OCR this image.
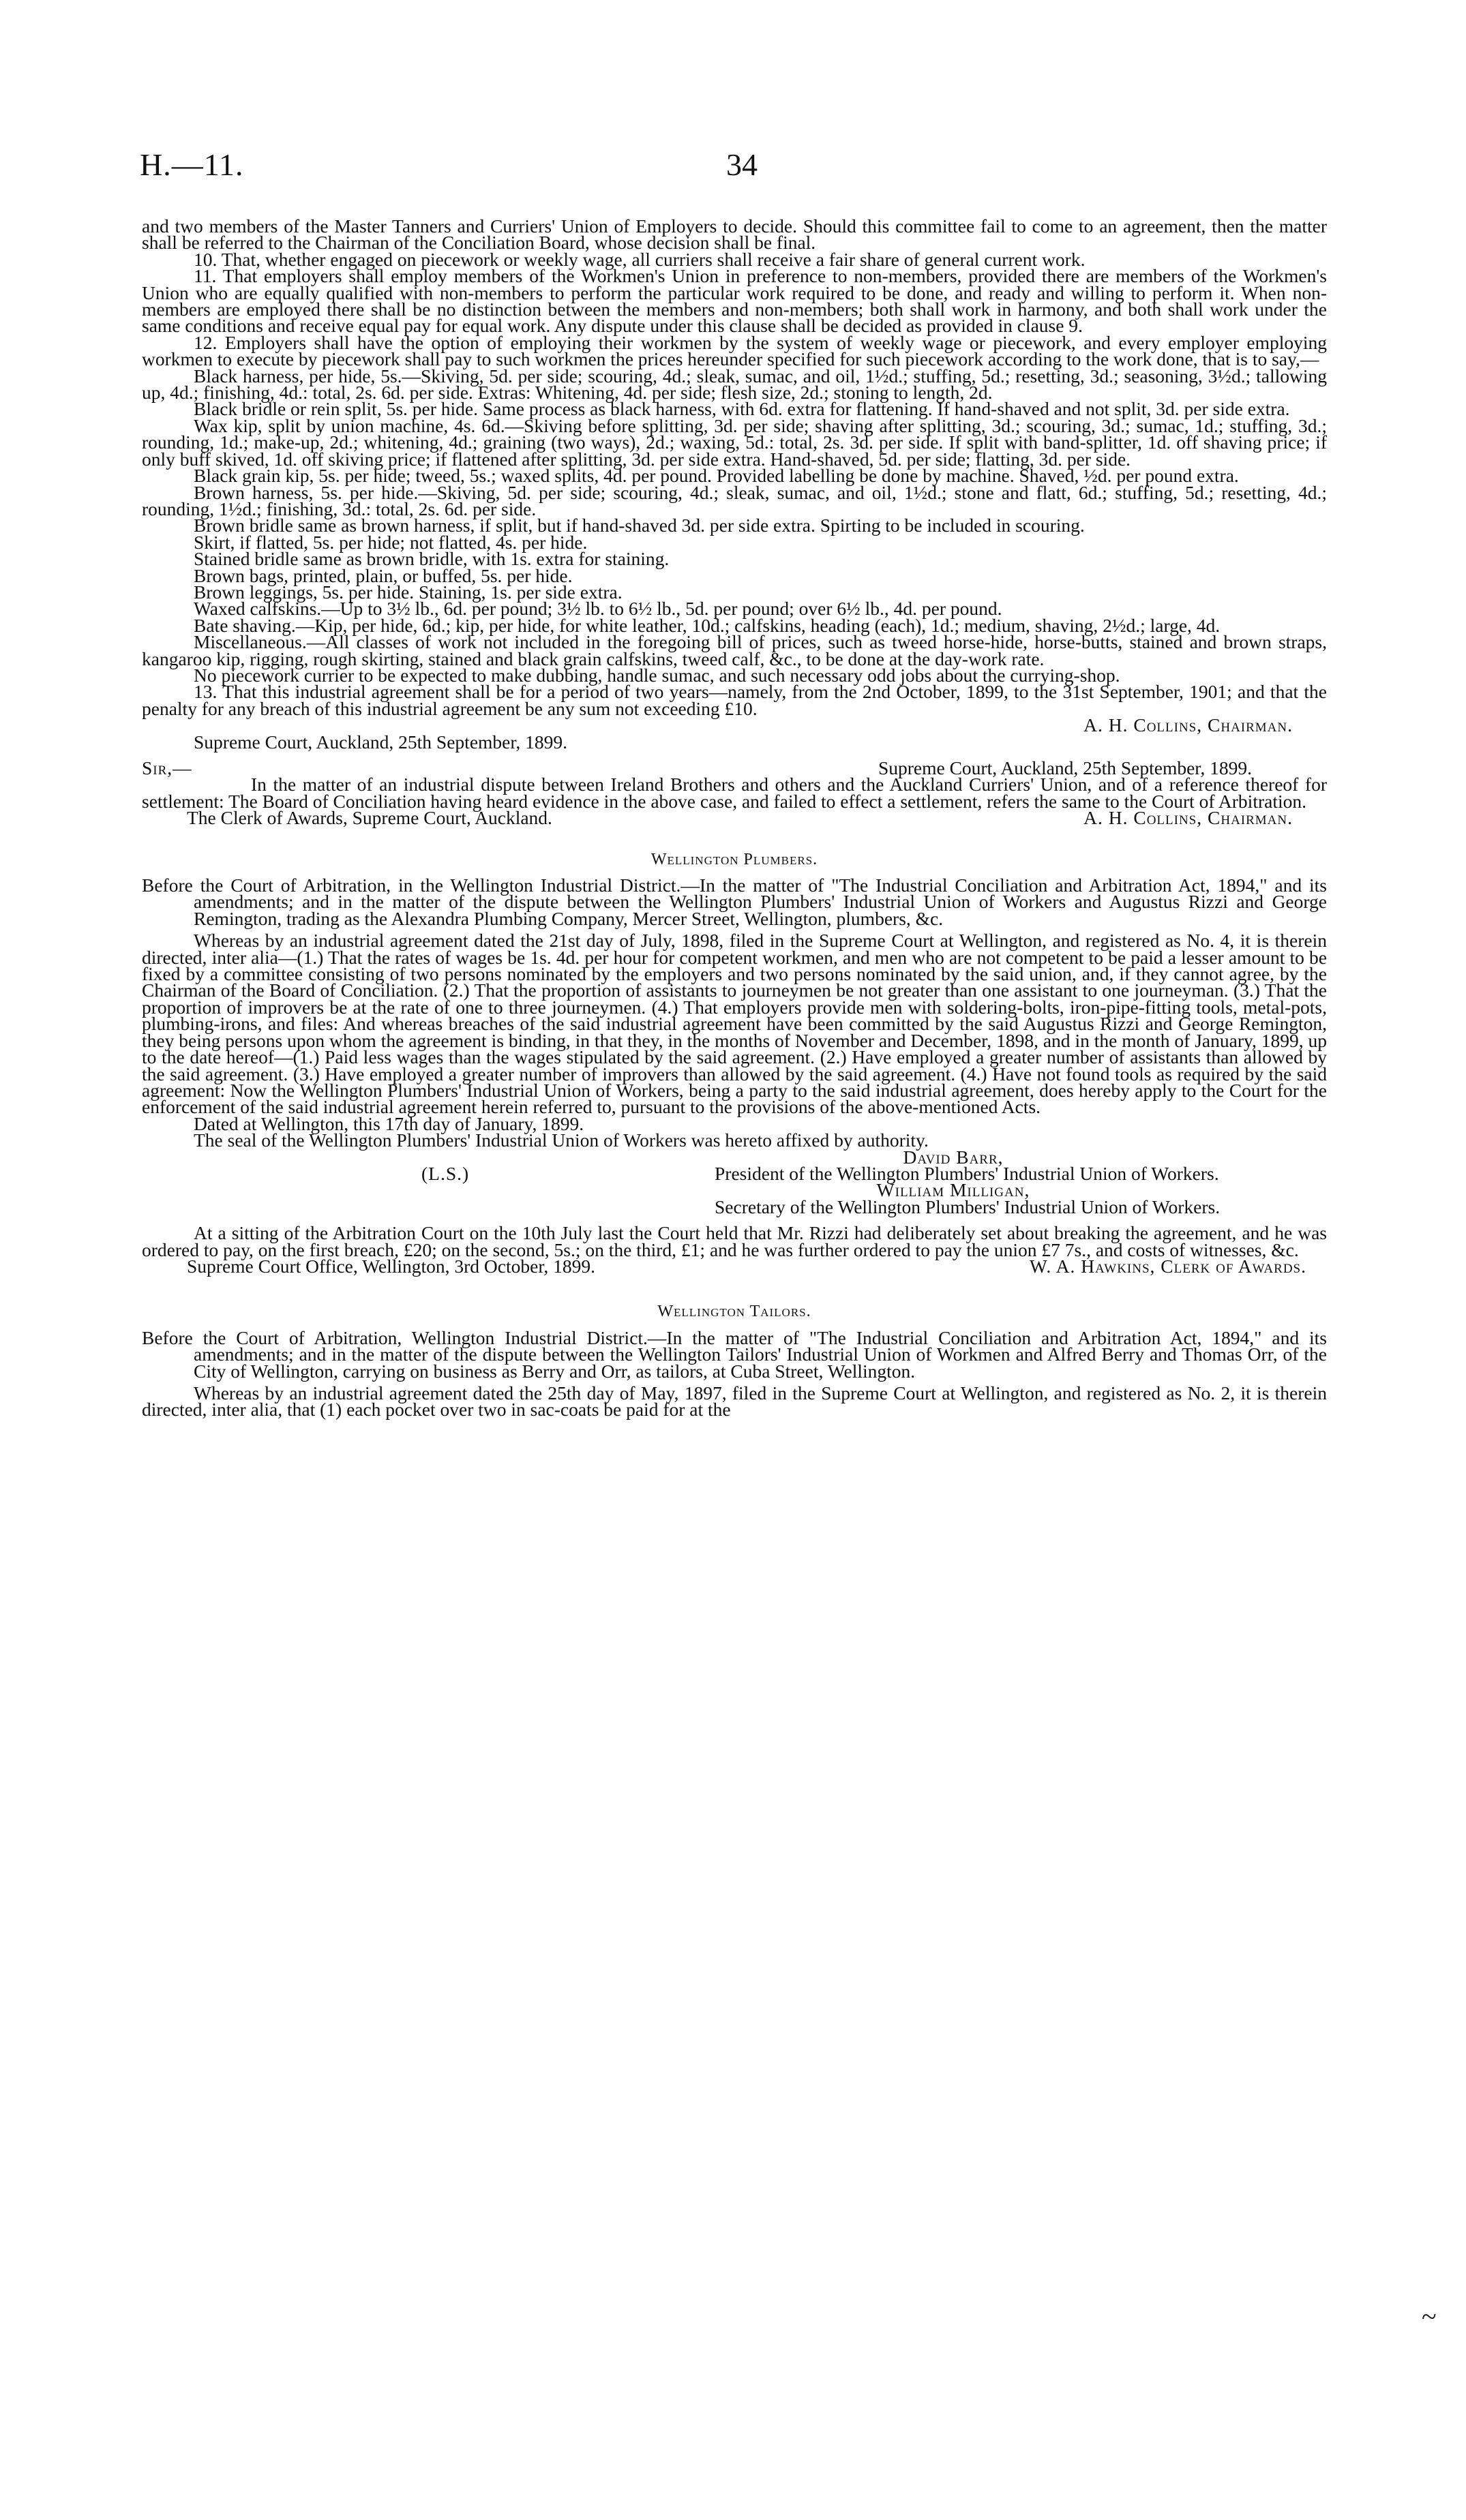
H.—11.	34

and two members of the Master Tanners and Curriers' Union of Employers to decide. Should this committee fail to come to an agreement, then the matter shall be referred to the Chairman of the Conciliation Board, whose decision shall be final.

10. That, whether engaged on piecework or weekly wage, all curriers shall receive a fair share of general current work.

11. That employers shall employ members of the Workmen's Union in preference to non-members, provided there are members of the Workmen's Union who are equally qualified with non-members to perform the particular work required to be done, and ready and willing to perform it. When non-members are employed there shall be no distinction between the members and non-members; both shall work in harmony, and both shall work under the same conditions and receive equal pay for equal work. Any dispute under this clause shall be decided as provided in clause 9.

12. Employers shall have the option of employing their workmen by the system of weekly wage or piecework, and every employer employing workmen to execute by piecework shall pay to such workmen the prices hereunder specified for such piecework according to the work done, that is to say,—

Black harness, per hide, 5s.—Skiving, 5d. per side; scouring, 4d.; sleak, sumac, and oil, 1½d.; stuffing, 5d.; resetting, 3d.; seasoning, 3½d.; tallowing up, 4d.; finishing, 4d.: total, 2s. 6d. per side. Extras: Whitening, 4d. per side; flesh size, 2d.; stoning to length, 2d.

Black bridle or rein split, 5s. per hide. Same process as black harness, with 6d. extra for flattening. If hand-shaved and not split, 3d. per side extra.

Wax kip, split by union machine, 4s. 6d.—Skiving before splitting, 3d. per side; shaving after splitting, 3d.; scouring, 3d.; sumac, 1d.; stuffing, 3d.; rounding, 1d.; make-up, 2d.; whitening, 4d.; graining (two ways), 2d.; waxing, 5d.: total, 2s. 3d. per side. If split with band-splitter, 1d. off shaving price; if only buff skived, 1d. off skiving price; if flattened after splitting, 3d. per side extra. Hand-shaved, 5d. per side; flatting, 3d. per side.

Black grain kip, 5s. per hide; tweed, 5s.; waxed splits, 4d. per pound. Provided labelling be done by machine. Shaved, ½d. per pound extra.

Brown harness, 5s. per hide.—Skiving, 5d. per side; scouring, 4d.; sleak, sumac, and oil, 1½d.; stone and flatt, 6d.; stuffing, 5d.; resetting, 4d.; rounding, 1½d.; finishing, 3d.: total, 2s. 6d. per side.

Brown bridle same as brown harness, if split, but if hand-shaved 3d. per side extra. Spirting to be included in scouring.

Skirt, if flatted, 5s. per hide; not flatted, 4s. per hide.

Stained bridle same as brown bridle, with 1s. extra for staining.

Brown bags, printed, plain, or buffed, 5s. per hide.

Brown leggings, 5s. per hide. Staining, 1s. per side extra.

Waxed calfskins.—Up to 3½ lb., 6d. per pound; 3½ lb. to 6½ lb., 5d. per pound; over 6½ lb., 4d. per pound.

Bate shaving.—Kip, per hide, 6d.; kip, per hide, for white leather, 10d.; calfskins, heading (each), 1d.; medium, shaving, 2½d.; large, 4d.

Miscellaneous.—All classes of work not included in the foregoing bill of prices, such as tweed horse-hide, horse-butts, stained and brown straps, kangaroo kip, rigging, rough skirting, stained and black grain calfskins, tweed calf, &c., to be done at the day-work rate.

No piecework currier to be expected to make dubbing, handle sumac, and such necessary odd jobs about the currying-shop.

13. That this industrial agreement shall be for a period of two years—namely, from the 2nd October, 1899, to the 31st September, 1901; and that the penalty for any breach of this industrial agreement be any sum not exceeding £10.

A. H. Collins, Chairman.

Supreme Court, Auckland, 25th September, 1899.

Sir,—	Supreme Court, Auckland, 25th September, 1899.

In the matter of an industrial dispute between Ireland Brothers and others and the Auckland Curriers' Union, and of a reference thereof for settlement: The Board of Conciliation having heard evidence in the above case, and failed to effect a settlement, refers the same to the Court of Arbitration.

The Clerk of Awards, Supreme Court, Auckland.	A. H. Collins, Chairman.
Wellington Plumbers.

Before the Court of Arbitration, in the Wellington Industrial District.—In the matter of "The Industrial Conciliation and Arbitration Act, 1894," and its amendments; and in the matter of the dispute between the Wellington Plumbers' Industrial Union of Workers and Augustus Rizzi and George Remington, trading as the Alexandra Plumbing Company, Mercer Street, Wellington, plumbers, &c.

Whereas by an industrial agreement dated the 21st day of July, 1898, filed in the Supreme Court at Wellington, and registered as No. 4, it is therein directed, inter alia—(1.) That the rates of wages be 1s. 4d. per hour for competent workmen, and men who are not competent to be paid a lesser amount to be fixed by a committee consisting of two persons nominated by the employers and two persons nominated by the said union, and, if they cannot agree, by the Chairman of the Board of Conciliation. (2.) That the proportion of assistants to journeymen be not greater than one assistant to one journeyman. (3.) That the proportion of improvers be at the rate of one to three journeymen. (4.) That employers provide men with soldering-bolts, iron-pipe-fitting tools, metal-pots, plumbing-irons, and files: And whereas breaches of the said industrial agreement have been committed by the said Augustus Rizzi and George Remington, they being persons upon whom the agreement is binding, in that they, in the months of November and December, 1898, and in the month of January, 1899, up to the date hereof—(1.) Paid less wages than the wages stipulated by the said agreement. (2.) Have employed a greater number of assistants than allowed by the said agreement. (3.) Have employed a greater number of improvers than allowed by the said agreement. (4.) Have not found tools as required by the said agreement: Now the Wellington Plumbers' Industrial Union of Workers, being a party to the said industrial agreement, does hereby apply to the Court for the enforcement of the said industrial agreement herein referred to, pursuant to the provisions of the above-mentioned Acts.

Dated at Wellington, this 17th day of January, 1899.

The seal of the Wellington Plumbers' Industrial Union of Workers was hereto affixed by authority.

(L.S.)
David Barr,
President of the Wellington Plumbers' Industrial Union of Workers.
William Milligan,
Secretary of the Wellington Plumbers' Industrial Union of Workers.

At a sitting of the Arbitration Court on the 10th July last the Court held that Mr. Rizzi had deliberately set about breaking the agreement, and he was ordered to pay, on the first breach, £20; on the second, 5s.; on the third, £1; and he was further ordered to pay the union £7 7s., and costs of witnesses, &c.

Supreme Court Office, Wellington, 3rd October, 1899.	W. A. Hawkins, Clerk of Awards.
Wellington Tailors.

Before the Court of Arbitration, Wellington Industrial District.—In the matter of "The Industrial Conciliation and Arbitration Act, 1894," and its amendments; and in the matter of the dispute between the Wellington Tailors' Industrial Union of Workmen and Alfred Berry and Thomas Orr, of the City of Wellington, carrying on business as Berry and Orr, as tailors, at Cuba Street, Wellington.

Whereas by an industrial agreement dated the 25th day of May, 1897, filed in the Supreme Court at Wellington, and registered as No. 2, it is therein directed, inter alia, that (1) each pocket over two in sac-coats be paid for at the

~
